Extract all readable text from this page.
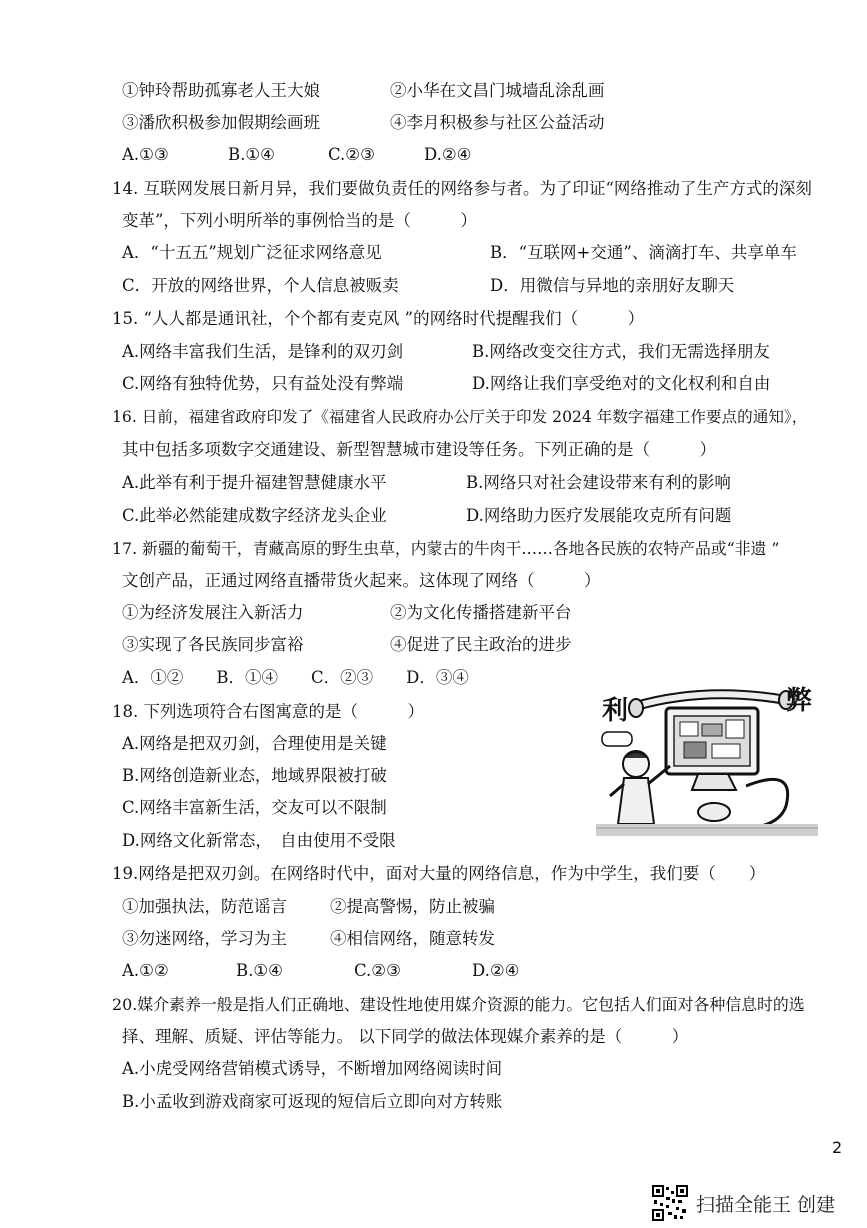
①钟玲帮助孤寡老人王大娘	②小华在文昌门城墙乱涂乱画
③潘欣积极参加假期绘画班	④李月积极参与社区公益活动
A.①③	B.①④	C.②③	D.②④
14. 互联网发展日新月异，我们要做负责任的网络参与者。为了印证“网络推动了生产方式的深刻
变革”，下列小明所举的事例恰当的是（　　　）
A．“十五五”规划广泛征求网络意见	B．“互联网+交通”、滴滴打车、共享单车
C．开放的网络世界，个人信息被贩卖	D．用微信与异地的亲朋好友聊天
15. “人人都是通讯社，个个都有麦克风 ”的网络时代提醒我们（　　　）
A.网络丰富我们生活，是锋利的双刃剑	B.网络改变交往方式，我们无需选择朋友
C.网络有独特优势，只有益处没有弊端	D.网络让我们享受绝对的文化权利和自由
16. 日前，福建省政府印发了《福建省人民政府办公厅关于印发 2024 年数字福建工作要点的通知》，
其中包括多项数字交通建设、新型智慧城市建设等任务。下列正确的是（　　　）
A.此举有利于提升福建智慧健康水平	B.网络只对社会建设带来有利的影响
C.此举必然能建成数字经济龙头企业	D.网络助力医疗发展能攻克所有问题
17. 新疆的葡萄干，青藏高原的野生虫草，内蒙古的牛肉干……各地各民族的农特产品或“非遗 ”
文创产品，正通过网络直播带货火起来。这体现了网络（　　　）
①为经济发展注入新活力	②为文化传播搭建新平台
③实现了各民族同步富裕	④促进了民主政治的进步
A．①②　　B．①④　　C．②③　　D．③④
18. 下列选项符合右图寓意的是（　　　）
A.网络是把双刃剑，合理使用是关键
B.网络创造新业态，地域界限被打破
C.网络丰富新生活，交友可以不限制
D.网络文化新常态，　自由使用不受限
利	弊
19.网络是把双刃剑。在网络时代中，面对大量的网络信息，作为中学生，我们要（　　）
①加强执法，防范谣言	②提高警惕，防止被骗
③勿迷网络，学习为主	④相信网络，随意转发
A.①②	B.①④	C.②③	D.②④
20.媒介素养一般是指人们正确地、建设性地使用媒介资源的能力。它包括人们面对各种信息时的选
择、理解、质疑、评估等能力。 以下同学的做法体现媒介素养的是（　　　）
A.小虎受网络营销模式诱导，不断增加网络阅读时间
B.小孟收到游戏商家可返现的短信后立即向对方转账
2
扫描全能王 创建
